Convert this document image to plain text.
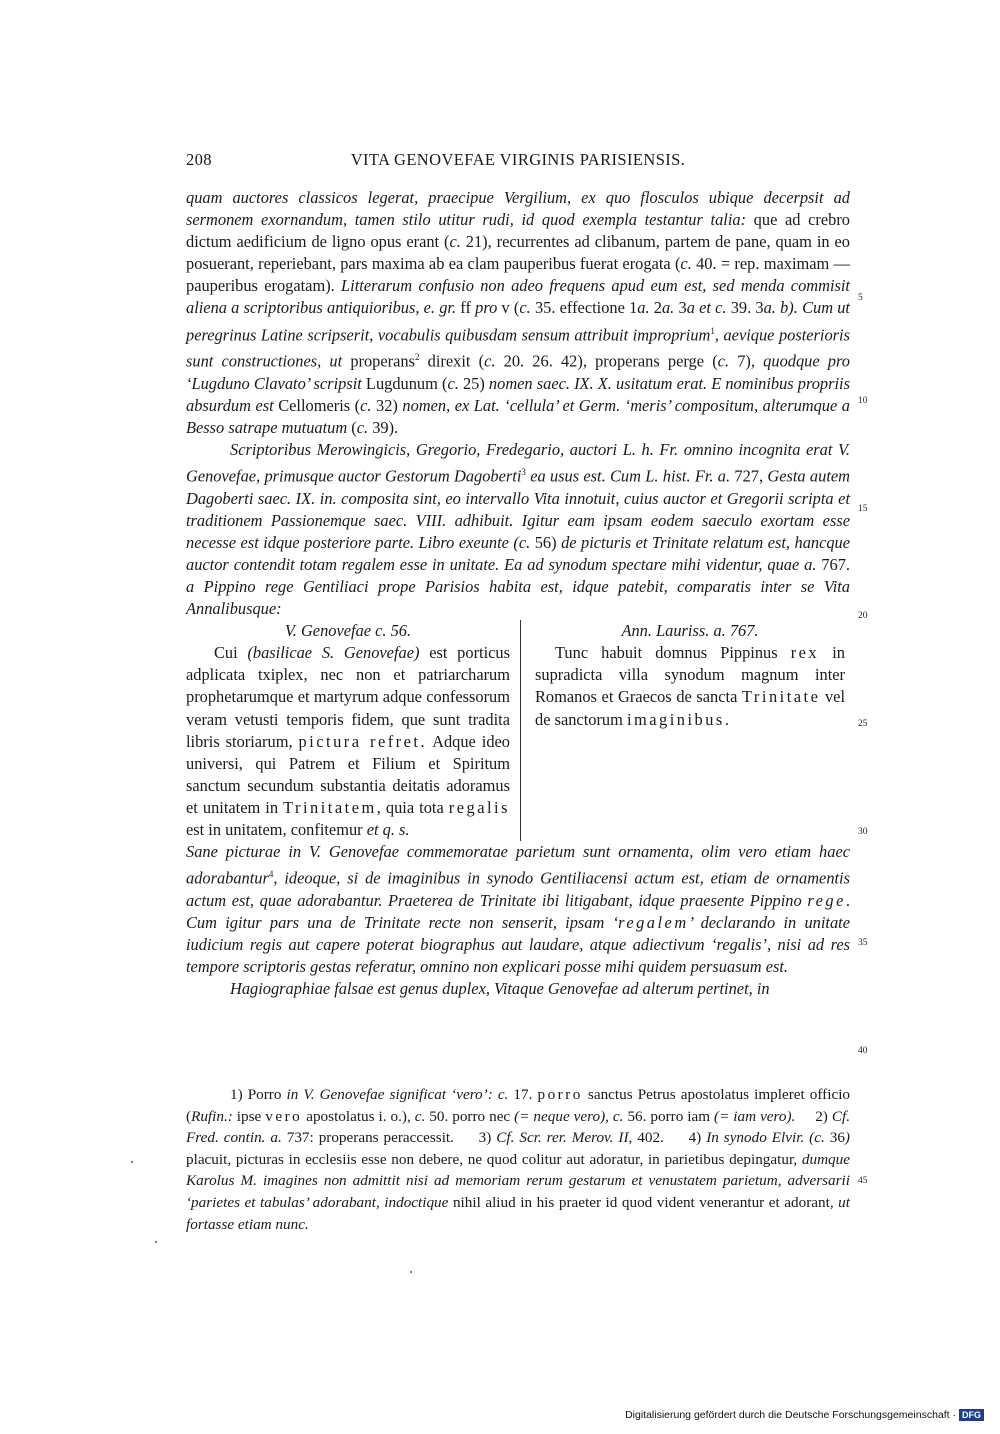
208	VITA GENOVEFAE VIRGINIS PARISIENSIS.

quam auctores classicos legerat, praecipue Vergilium, ex quo flosculos ubique decerpsit ad sermonem exornandum, tamen stilo utitur rudi, id quod exempla testantur talia: que ad crebro dictum aedificium de ligno opus erant (c. 21), recurrentes ad clibanum, partem de pane, quam in eo posuerant, reperiebant, pars maxima ab ea clam pauperibus fuerat erogata (c. 40. = rep. maximam — pauperibus erogatam). Litterarum confusio non adeo frequens apud eum est, sed menda commisit aliena a scriptoribus antiquioribus, e. gr. ff pro v (c. 35. effectione 1a. 2a. 3a et c. 39. 3a. b). Cum ut peregrinus Latine scripserit, vocabulis quibusdam sensum attribuit improprium$^1$, aevique posterioris sunt constructiones, ut properans$^2$ direxit (c. 20. 26. 42), properans perge (c. 7), quodque pro ‘Lugduno Clavato’ scripsit Lugdunum (c. 25) nomen saec. IX. X. usitatum erat. E nominibus propriis absurdum est Cellomeris (c. 32) nomen, ex Lat. ‘cellula’ et Germ. ‘meris’ compositum, alterumque a Besso satrape mutuatum (c. 39).

Scriptoribus Merowingicis, Gregorio, Fredegario, auctori L. h. Fr. omnino incognita erat V. Genovefae, primusque auctor Gestorum Dagoberti$^3$ ea usus est. Cum L. hist. Fr. a. 727, Gesta autem Dagoberti saec. IX. in. composita sint, eo intervallo Vita innotuit, cuius auctor et Gregorii scripta et traditionem Passionemque saec. VIII. adhibuit. Igitur eam ipsam eodem saeculo exortam esse necesse est idque posteriore parte. Libro exeunte (c. 56) de picturis et Trinitate relatum est, hancque auctor contendit totam regalem esse in unitate. Ea ad synodum spectare mihi videntur, quae a. 767. a Pippino rege Gentiliaci prope Parisios habita est, idque patebit, comparatis inter se Vita Annalibusque:

V. Genovefae c. 56.
Cui (basilicae S. Genovefae) est porticus adplicata txiplex, nec non et patriarcharum prophetarumque et martyrum adque confessorum veram vetusti temporis fidem, que sunt tradita libris storiarum, pictura refret. Adque ideo universi, qui Patrem et Filium et Spiritum sanctum secundum substantia deitatis adoramus et unitatem in Trinitatem, quia tota regalis est in unitatem, confitemur et q. s.
Ann. Lauriss. a. 767.
Tunc habuit domnus Pippinus rex in supradicta villa synodum magnum inter Romanos et Graecos de sancta Trinitate vel de sanctorum imaginibus.

Sane picturae in V. Genovefae commemoratae parietum sunt ornamenta, olim vero etiam haec adorabantur$^4$, ideoque, si de imaginibus in synodo Gentiliacensi actum est, etiam de ornamentis actum est, quae adorabantur. Praeterea de Trinitate ibi litigabant, idque praesente Pippino rege. Cum igitur pars una de Trinitate recte non senserit, ipsam ‘regalem’ declarando in unitate iudicium regis aut capere poterat biographus aut laudare, atque adiectivum ‘regalis’, nisi ad res tempore scriptoris gestas referatur, omnino non explicari posse mihi quidem persuasum est.

Hagiographiae falsae est genus duplex, Vitaque Genovefae ad alterum pertinet, in

1) Porro in V. Genovefae significat ‘vero’: c. 17. porro sanctus Petrus apostolatus impleret officio (Rufin.: ipse vero apostolatus i. o.), c. 50. porro nec (= neque vero), c. 56. porro iam (= iam vero).     2) Cf. Fred. contin. a. 737: properans peraccessit.     3) Cf. Scr. rer. Merov. II, 402.     4) In synodo Elvir. (c. 36) placuit, picturas in ecclesiis esse non debere, ne quod colitur aut adoratur, in parietibus depingatur, dumque Karolus M. imagines non admittit nisi ad memoriam rerum gestarum et venustatem parietum, adversarii ‘parietes et tabulas’ adorabant, indoctique nihil aliud in his praeter id quod vident venerantur et adorant, ut fortasse etiam nunc.

5
10
15
20
25
30
35
40
45
Digitalisierung gefördert durch die Deutsche Forschungsgemeinschaft · DFG
